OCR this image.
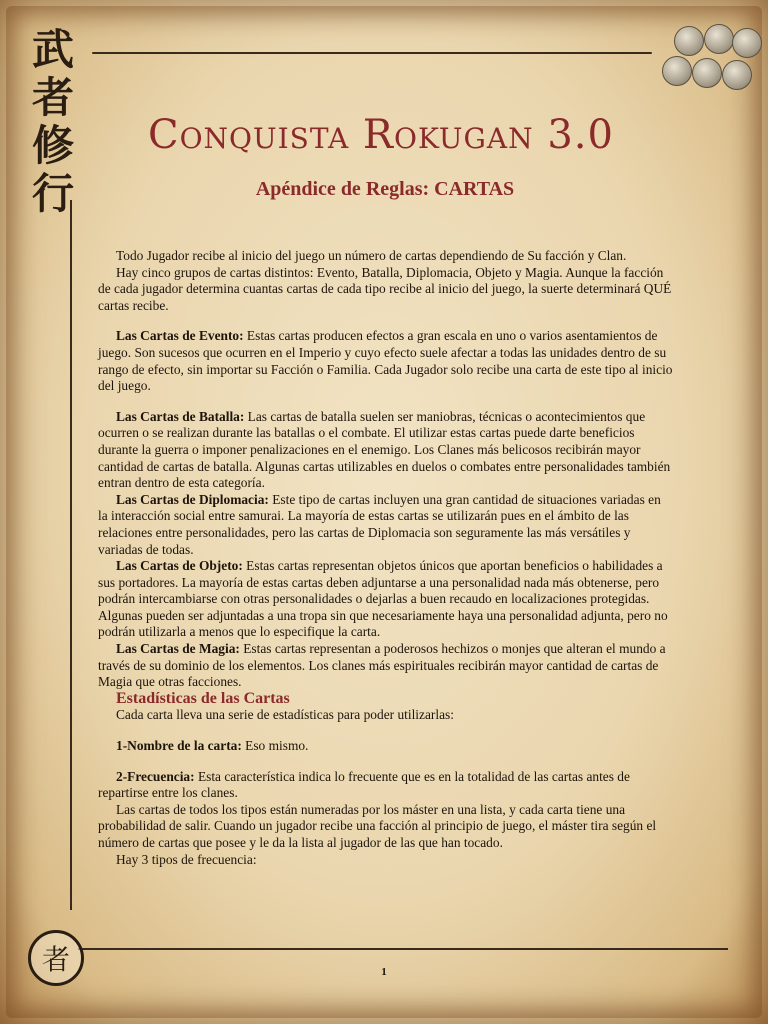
武
者
修
行
者
Conquista Rokugan 3.0
Apéndice de Reglas: CARTAS

Todo Jugador recibe al inicio del juego un número de cartas dependiendo de Su facción y Clan.

Hay cinco grupos de cartas distintos: Evento, Batalla, Diplomacia, Objeto y Magia. Aunque la facción de cada jugador determina cuantas cartas de cada tipo recibe al inicio del juego, la suerte determinará QUÉ cartas recibe.

Las Cartas de Evento: Estas cartas producen efectos a gran escala en uno o varios asentamientos de juego. Son sucesos que ocurren en el Imperio y cuyo efecto suele afectar a todas las unidades dentro de su rango de efecto, sin importar su Facción o Familia. Cada Jugador solo recibe una carta de este tipo al inicio del juego.

Las Cartas de Batalla: Las cartas de batalla suelen ser maniobras, técnicas o acontecimientos que ocurren o se realizan durante las batallas o el combate. El utilizar estas cartas puede darte beneficios durante la guerra o imponer penalizaciones en el enemigo. Los Clanes más belicosos recibirán mayor cantidad de cartas de batalla. Algunas cartas utilizables en duelos o combates entre personalidades también entran dentro de esta categoría.

Las Cartas de Diplomacia: Este tipo de cartas incluyen una gran cantidad de situaciones variadas en la interacción social entre samurai. La mayoría de estas cartas se utilizarán pues en el ámbito de las relaciones entre personalidades, pero las cartas de Diplomacia son seguramente las más versátiles y variadas de todas.

Las Cartas de Objeto: Estas cartas representan objetos únicos que aportan beneficios o habilidades a sus portadores. La mayoría de estas cartas deben adjuntarse a una personalidad nada más obtenerse, pero podrán intercambiarse con otras personalidades o dejarlas a buen recaudo en localizaciones protegidas. Algunas pueden ser adjuntadas a una tropa sin que necesariamente haya una personalidad adjunta, pero no podrán utilizarla a menos que lo especifique la carta.

Las Cartas de Magia: Estas cartas representan a poderosos hechizos o monjes que alteran el mundo a través de su dominio de los elementos. Los clanes más espirituales recibirán mayor cantidad de cartas de Magia que otras facciones.

Estadísticas de las Cartas

Cada carta lleva una serie de estadísticas para poder utilizarlas:

1-Nombre de la carta: Eso mismo.

2-Frecuencia: Esta característica indica lo frecuente que es en la totalidad de las cartas antes de repartirse entre los clanes.

Las cartas de todos los tipos están numeradas por los máster en una lista, y cada carta tiene una probabilidad de salir. Cuando un jugador recibe una facción al principio de juego, el máster tira según el número de cartas que posee y le da la lista al jugador de las que han tocado.

Hay 3 tipos de frecuencia:

1
